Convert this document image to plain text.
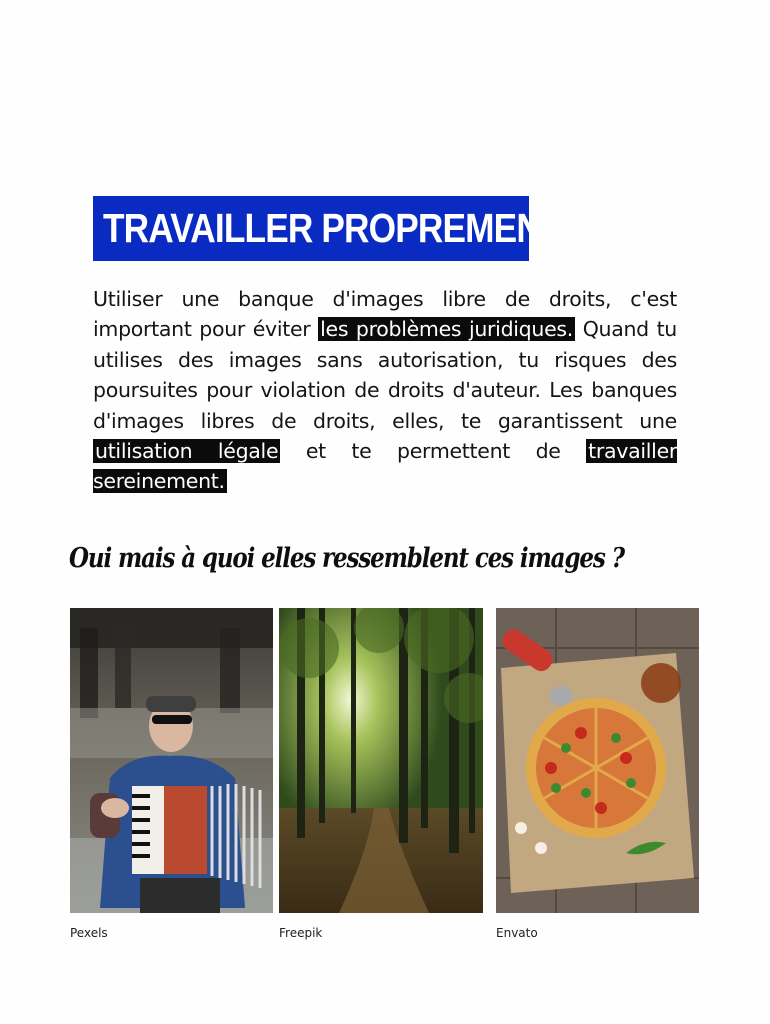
TRAVAILLER PROPREMENT
Utiliser une banque d'images libre de droits, c'est important pour éviter les problèmes juridiques. Quand tu utilises des images sans autorisation, tu risques des poursuites pour violation de droits d'auteur. Les banques d'images libres de droits, elles, te garantissent une utilisation légale et te permettent de travailler sereinement.
Oui mais à quoi elles ressemblent ces images ?
Pexels	Freepik	Envato
